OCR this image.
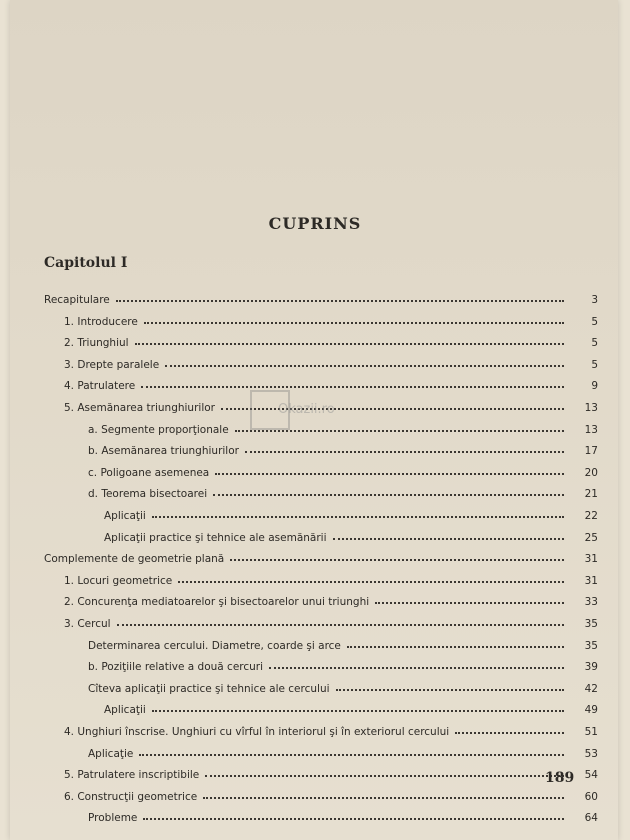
CUPRINS
Capitolul I
Recapitulare	3
1. Introducere	5
2. Triunghiul	5
3. Drepte paralele	5
4. Patrulatere	9
5. Asemănarea triunghiurilor	13
a. Segmente proporţionale	13
b. Asemănarea triunghiurilor	17
c. Poligoane asemenea	20
d. Teorema bisectoarei	21
Aplicaţii	22
Aplicaţii practice şi tehnice ale asemănării	25
Complemente de geometrie plană	31
1. Locuri geometrice	31
2. Concurenţa mediatoarelor şi bisectoarelor unui triunghi	33
3. Cercul	35
Determinarea cercului. Diametre, coarde şi arce	35
b. Poziţiile relative a două cercuri	39
Cîteva aplicaţii practice şi tehnice ale cercului	42
Aplicaţii	49
4. Unghiuri înscrise. Unghiuri cu vîrful în interiorul şi în exteriorul cercului	51
Aplicaţie	53
5. Patrulatere inscriptibile	54
6. Construcţii geometrice	60
Probleme	64
Okazii.ro
189
